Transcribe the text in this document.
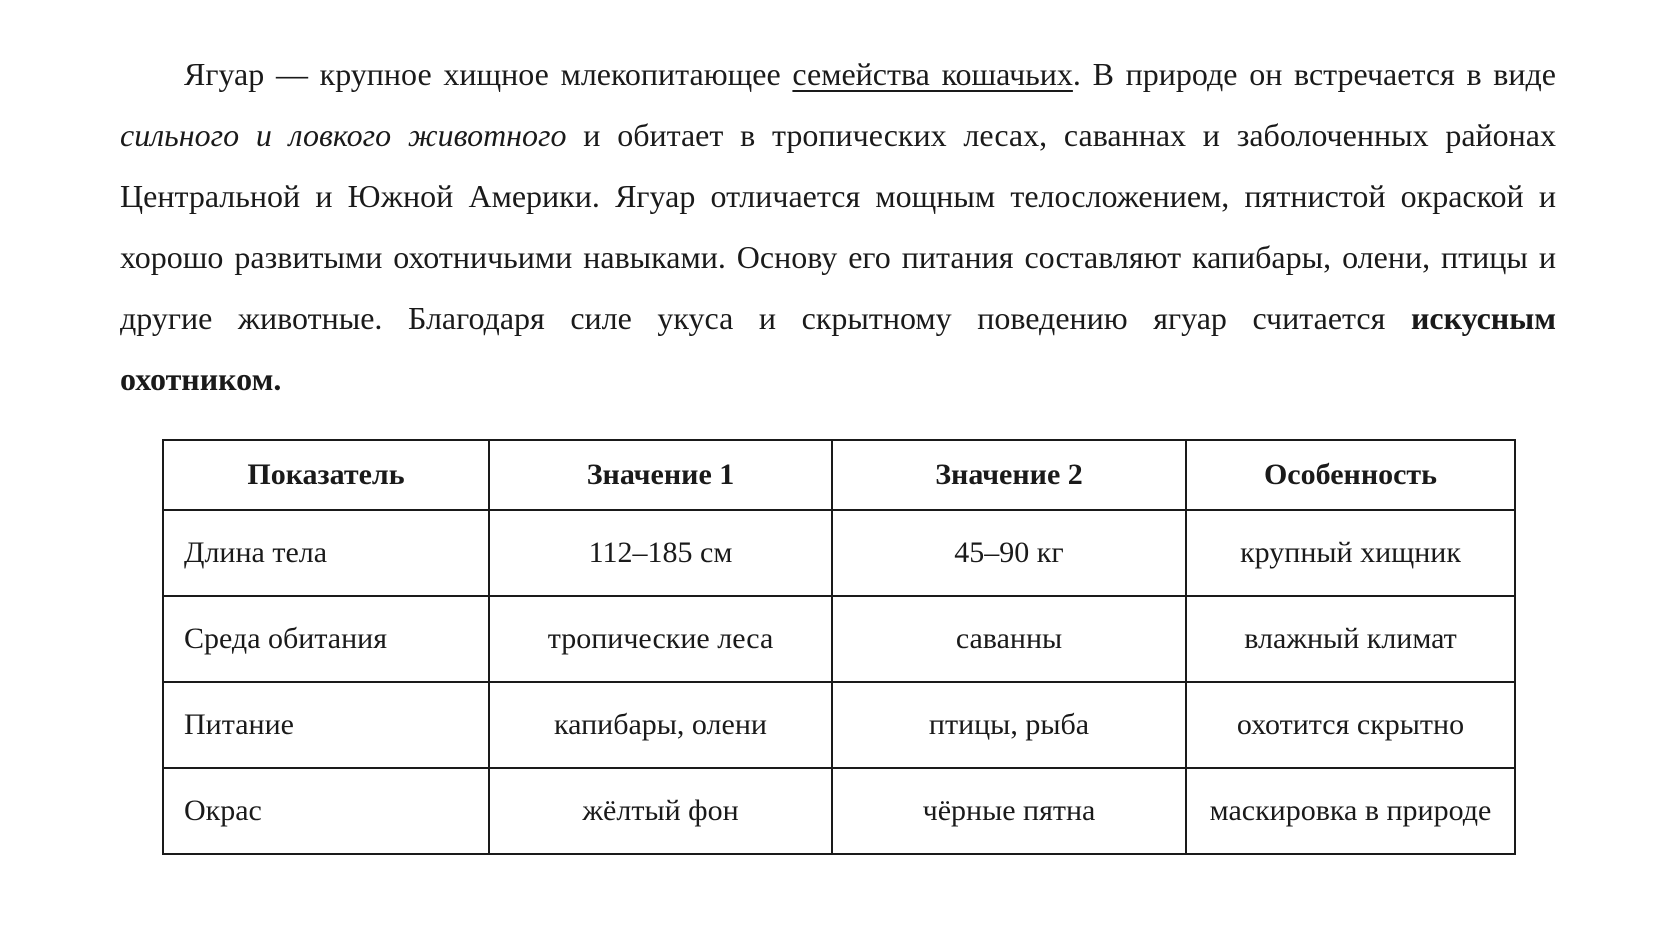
Ягуар — крупное хищное млекопитающее семейства кошачьих. В природе он встречается в виде сильного и ловкого животного и обитает в тропических лесах, саваннах и заболоченных районах Центральной и Южной Америки. Ягуар отличается мощным телосложением, пятнистой окраской и хорошо развитыми охотничьими навыками. Основу его питания составляют капибары, олени, птицы и другие животные. Благодаря силе укуса и скрытному поведению ягуар считается искусным охотником.

Показатель	Значение 1	Значение 2	Особенность
Длина тела	112–185 см	45–90 кг	крупный хищник
Среда обитания	тропические леса	саванны	влажный климат
Питание	капибары, олени	птицы, рыба	охотится скрытно
Окрас	жёлтый фон	чёрные пятна	маскировка в природе
